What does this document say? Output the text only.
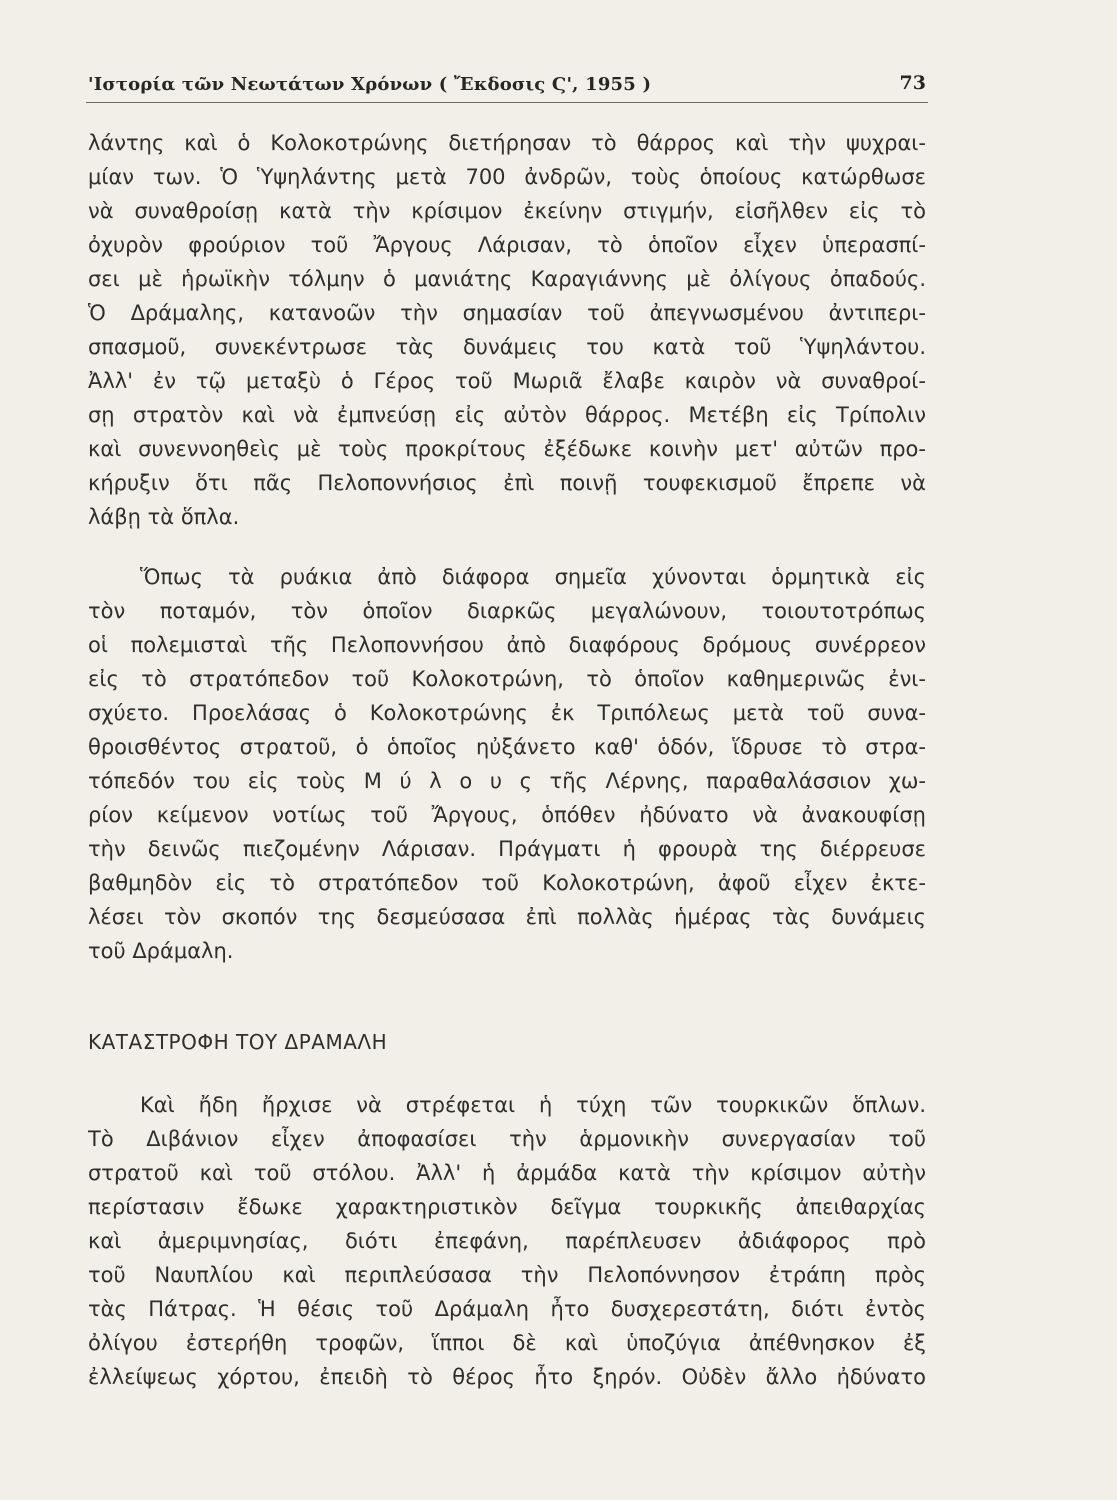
'Ιστορία τῶν Νεωτάτων Χρόνων ( Ἔκδοσις Ϛ', 1955 )	73
λάντης καὶ ὁ Κολοκοτρώνης διετήρησαν τὸ θάρρος καὶ τὴν ψυχραι-
μίαν των. Ὁ Ὑψηλάντης μετὰ 700 ἀνδρῶν, τοὺς ὁποίους κατώρθωσε
νὰ συναθροίσῃ κατὰ τὴν κρίσιμον ἐκείνην στιγμήν, εἰσῆλθεν εἰς τὸ
ὀχυρὸν φρούριον τοῦ Ἄργους Λάρισαν, τὸ ὁποῖον εἶχεν ὑπερασπί-
σει μὲ ἡρωϊκὴν τόλμην ὁ μανιάτης Καραγιάννης μὲ ὀλίγους ὀπαδούς.
Ὁ Δράμαλης, κατανοῶν τὴν σημασίαν τοῦ ἀπεγνωσμένου ἀντιπερι-
σπασμοῦ, συνεκέντρωσε τὰς δυνάμεις του κατὰ τοῦ Ὑψηλάντου.
Ἀλλ' ἐν τῷ μεταξὺ ὁ Γέρος τοῦ Μωριᾶ ἔλαβε καιρὸν νὰ συναθροί-
σῃ στρατὸν καὶ νὰ ἐμπνεύσῃ εἰς αὐτὸν θάρρος. Μετέβη εἰς Τρίπολιν
καὶ συνεννοηθεὶς μὲ τοὺς προκρίτους ἐξέδωκε κοινὴν μετ' αὐτῶν προ-
κήρυξιν ὅτι πᾶς Πελοποννήσιος ἐπὶ ποινῇ τουφεκισμοῦ ἔπρεπε νὰ
λάβῃ τὰ ὅπλα.
Ὅπως τὰ ρυάκια ἀπὸ διάφορα σημεῖα χύνονται ὁρμητικὰ εἰς
τὸν ποταμόν, τὸν ὁποῖον διαρκῶς μεγαλώνουν, τοιουτοτρόπως
οἱ πολεμισταὶ τῆς Πελοποννήσου ἀπὸ διαφόρους δρόμους συνέρρεον
εἰς τὸ στρατόπεδον τοῦ Κολοκοτρώνη, τὸ ὁποῖον καθημερινῶς ἐνι-
σχύετο. Προελάσας ὁ Κολοκοτρώνης ἐκ Τριπόλεως μετὰ τοῦ συνα-
θροισθέντος στρατοῦ, ὁ ὁποῖος ηὐξάνετο καθ' ὁδόν, ἵδρυσε τὸ στρα-
τόπεδόν του εἰς τοὺς Μ ύ λ ο υ ς τῆς Λέρνης, παραθαλάσσιον χω-
ρίον κείμενον νοτίως τοῦ Ἄργους, ὁπόθεν ἠδύνατο νὰ ἀνακουφίσῃ
τὴν δεινῶς πιεζομένην Λάρισαν. Πράγματι ἡ φρουρὰ της διέρρευσε
βαθμηδὸν εἰς τὸ στρατόπεδον τοῦ Κολοκοτρώνη, ἀφοῦ εἶχεν ἐκτε-
λέσει τὸν σκοπόν της δεσμεύσασα ἐπὶ πολλὰς ἡμέρας τὰς δυνάμεις
τοῦ Δράμαλη.
ΚΑΤΑΣΤΡΟΦΗ ΤΟΥ ΔΡΑΜΑΛΗ
Καὶ ἤδη ἤρχισε νὰ στρέφεται ἡ τύχη τῶν τουρκικῶν ὅπλων.
Τὸ Διβάνιον εἶχεν ἀποφασίσει τὴν ἁρμονικὴν συνεργασίαν τοῦ
στρατοῦ καὶ τοῦ στόλου. Ἀλλ' ἡ ἀρμάδα κατὰ τὴν κρίσιμον αὐτὴν
περίστασιν ἔδωκε χαρακτηριστικὸν δεῖγμα τουρκικῆς ἀπειθαρχίας
καὶ ἀμεριμνησίας, διότι ἐπεφάνη, παρέπλευσεν ἀδιάφορος πρὸ
τοῦ Ναυπλίου καὶ περιπλεύσασα τὴν Πελοπόννησον ἐτράπη πρὸς
τὰς Πάτρας. Ἡ θέσις τοῦ Δράμαλη ἦτο δυσχερεστάτη, διότι ἐντὸς
ὀλίγου ἐστερήθη τροφῶν, ἵπποι δὲ καὶ ὑποζύγια ἀπέθνησκον ἐξ
ἐλλείψεως χόρτου, ἐπειδὴ τὸ θέρος ἦτο ξηρόν. Οὐδὲν ἄλλο ἠδύνατο
